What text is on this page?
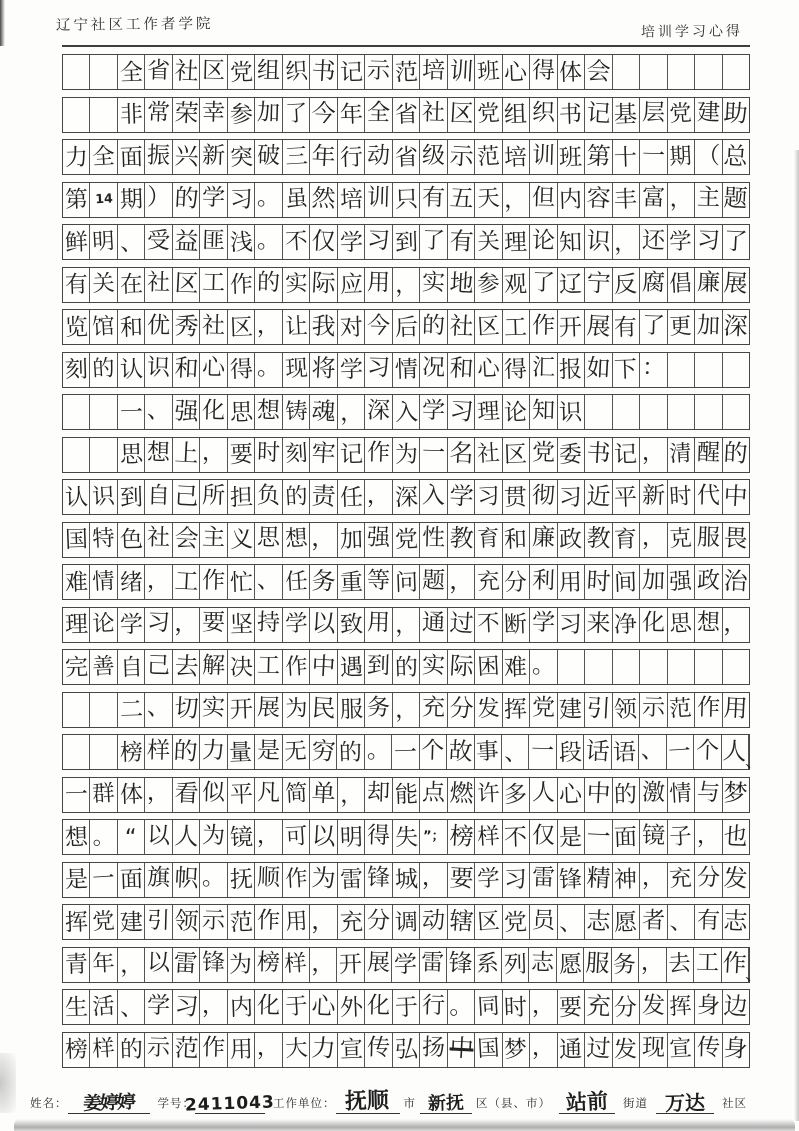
辽宁社区工作者学院	培训学习心得
全 省 社 区 党 组 织 书 记 示 范 培 训 班 心 得 体 会
非 常 荣 幸 参 加 了 今 年 全 省 社 区 党 组 织 书 记 基 层 党 建 助
力 全 面 振 兴 新 突 破 三 年 行 动 省 级 示 范 培 训 班 第 十 一 期 （ 总
第 14 期 ） 的 学 习 。 虽 然 培 训 只 有 五 天 ， 但 内 容 丰 富 ， 主 题
鲜 明 、 受 益 匪 浅 。 不 仅 学 习 到 了 有 关 理 论 知 识 ， 还 学 习 了
有 关 在 社 区 工 作 的 实 际 应 用 ， 实 地 参 观 了 辽 宁 反 腐 倡 廉 展
览 馆 和 优 秀 社 区 ， 让 我 对 今 后 的 社 区 工 作 开 展 有 了 更 加 深
刻 的 认 识 和 心 得 。 现 将 学 习 情 况 和 心 得 汇 报 如 下 ：
一 、 强 化 思 想 铸 魂 ， 深 入 学 习 理 论 知 识
思 想 上 ， 要 时 刻 牢 记 作 为 一 名 社 区 党 委 书 记 ， 清 醒 的
认 识 到 自 己 所 担 负 的 责 任 ， 深 入 学 习 贯 彻 习 近 平 新 时 代 中
国 特 色 社 会 主 义 思 想 ， 加 强 党 性 教 育 和 廉 政 教 育 ， 克 服 畏
难 情 绪 ， 工 作 忙 、 任 务 重 等 问 题 ， 充 分 利 用 时 间 加 强 政 治
理 论 学 习 ， 要 坚 持 学 以 致 用 ， 通 过 不 断 学 习 来 净 化 思 想 ，
完 善 自 己 去 解 决 工 作 中 遇 到 的 实 际 困 难 。
二 、 切 实 开 展 为 民 服 务 ， 充 分 发 挥 党 建 引 领 示 范 作 用
榜 样 的 力 量 是 无 穷 的 。 一 个 故 事 、 一 段 话 语 、 一 个 人
、
一 群 体 ， 看 似 平 凡 简 单 ， 却 能 点 燃 许 多 人 心 中 的 激 情 与 梦
想 。 “ 以 人 为 镜 ， 可 以 明 得 失 ”； 榜 样 不 仅 是 一 面 镜 子 ， 也
是 一 面 旗 帜 。 抚 顺 作 为 雷 锋 城 ， 要 学 习 雷 锋 精 神 ， 充 分 发
挥 党 建 引 领 示 范 作 用 ， 充 分 调 动 辖 区 党 员 、 志 愿 者 、 有 志
青 年 ， 以 雷 锋 为 榜 样 ， 开 展 学 雷 锋 系 列 志 愿 服 务 ， 去 工 作
、
生 活 、 学 习 ， 内 化 于 心 外 化 于 行 。 同 时 ， 要 充 分 发 挥 身 边
榜 样 的 示 范 作 用 ， 大 力 宣 传 弘 扬 中 国 梦 ， 通 过 发 现 宣 传 身
姓名： 姜婷婷 学号：
2411043
工作单位： 抚顺 市 新抚 区（县、市） 站前 街道 万达 社区
